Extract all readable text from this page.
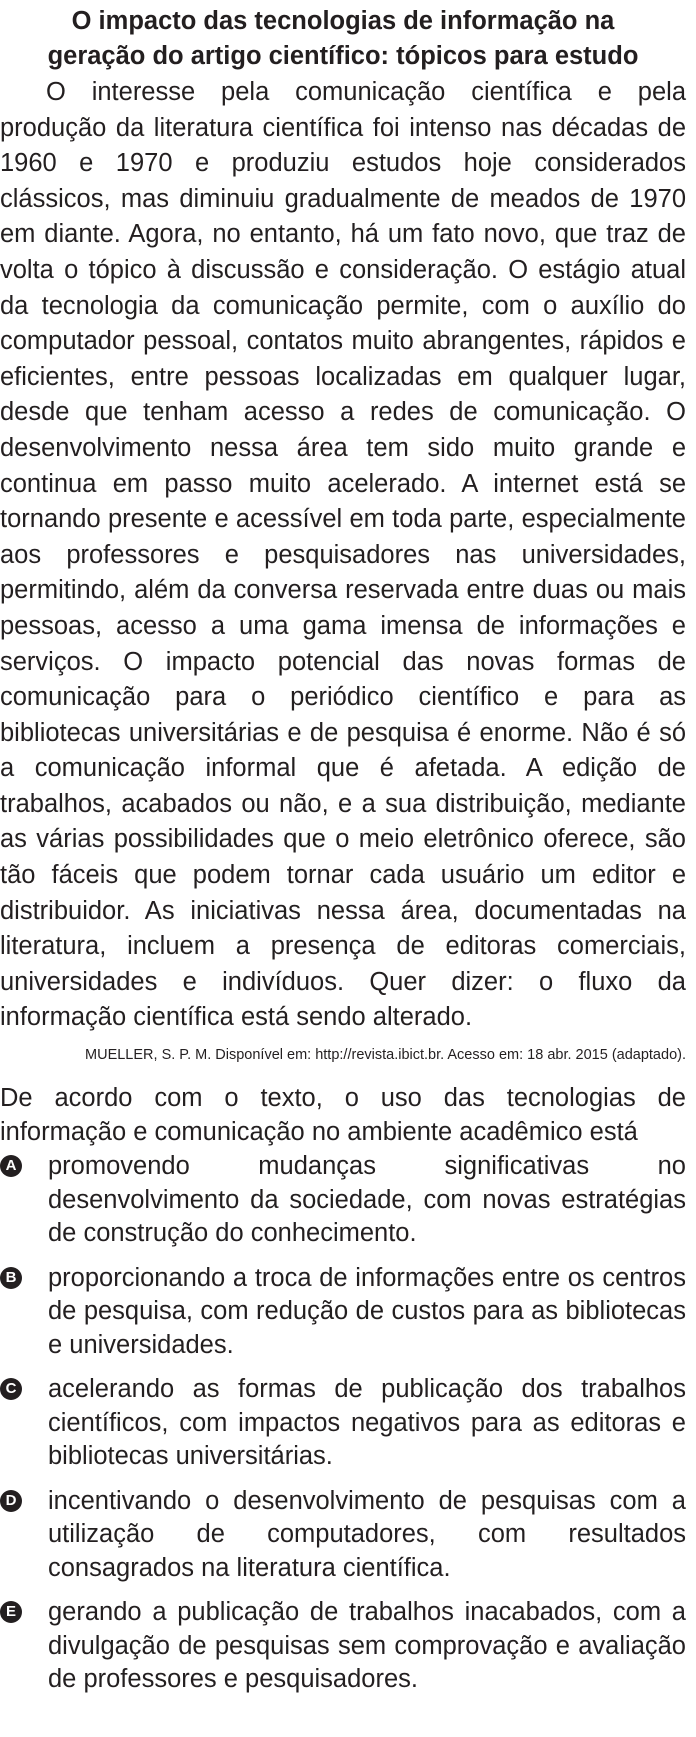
O impacto das tecnologias de informação na
geração do artigo científico: tópicos para estudo

O interesse pela comunicação científica e pela produção da literatura científica foi intenso nas décadas de 1960 e 1970 e produziu estudos hoje considerados clássicos, mas diminuiu gradualmente de meados de 1970 em diante. Agora, no entanto, há um fato novo, que traz de volta o tópico à discussão e consideração. O estágio atual da tecnologia da comunicação permite, com o auxílio do computador pessoal, contatos muito abrangentes, rápidos e eficientes, entre pessoas localizadas em qualquer lugar, desde que tenham acesso a redes de comunicação. O desenvolvimento nessa área tem sido muito grande e continua em passo muito acelerado. A internet está se tornando presente e acessível em toda parte, especialmente aos professores e pesquisadores nas universidades, permitindo, além da conversa reservada entre duas ou mais pessoas, acesso a uma gama imensa de informações e serviços. O impacto potencial das novas formas de comunicação para o periódico científico e para as bibliotecas universitárias e de pesquisa é enorme. Não é só a comunicação informal que é afetada. A edição de trabalhos, acabados ou não, e a sua distribuição, mediante as várias possibilidades que o meio eletrônico oferece, são tão fáceis que podem tornar cada usuário um editor e distribuidor. As iniciativas nessa área, documentadas na literatura, incluem a presença de editoras comerciais, universidades e indivíduos. Quer dizer: o fluxo da informação científica está sendo alterado.

MUELLER, S. P. M. Disponível em: http://revista.ibict.br. Acesso em: 18 abr. 2015 (adaptado).

De acordo com o texto, o uso das tecnologias de informação e comunicação no ambiente acadêmico está

A promovendo mudanças significativas no desenvolvimento da sociedade, com novas estratégias de construção do conhecimento.
B proporcionando a troca de informações entre os centros de pesquisa, com redução de custos para as bibliotecas e universidades.
C acelerando as formas de publicação dos trabalhos científicos, com impactos negativos para as editoras e bibliotecas universitárias.
D incentivando o desenvolvimento de pesquisas com a utilização de computadores, com resultados consagrados na literatura científica.
E gerando a publicação de trabalhos inacabados, com a divulgação de pesquisas sem comprovação e avaliação de professores e pesquisadores.
